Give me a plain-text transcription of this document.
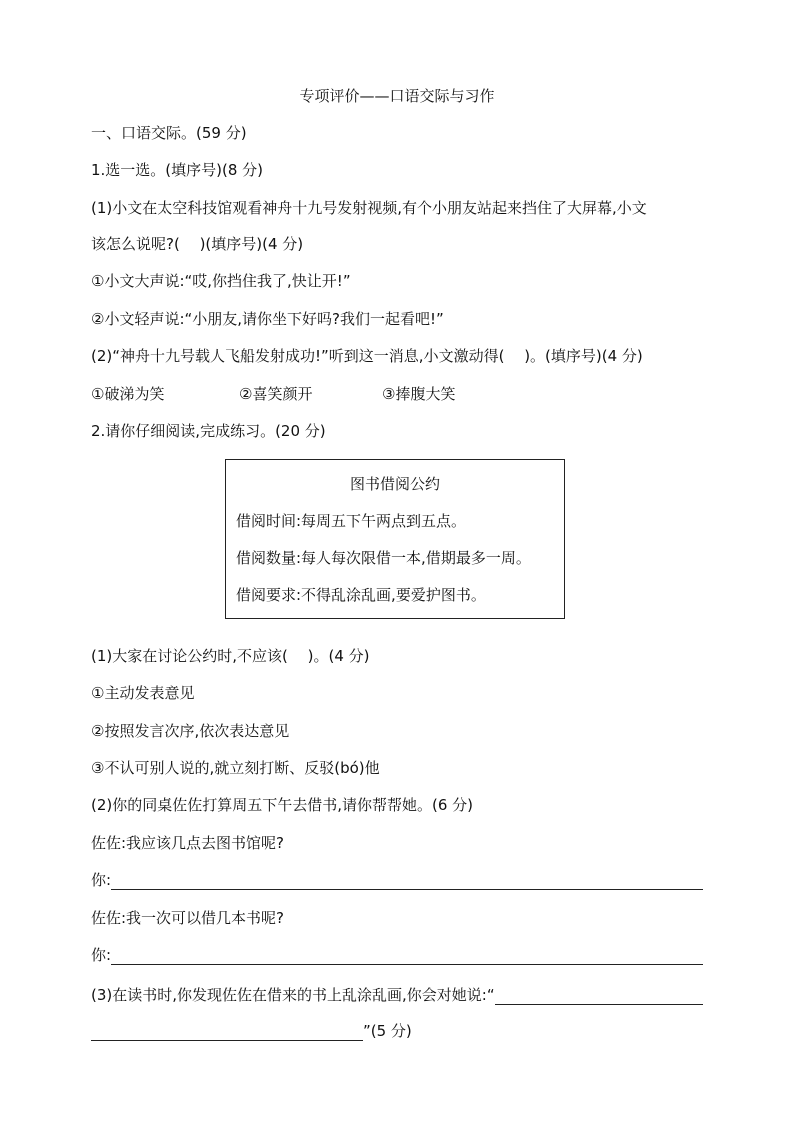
专项评价——口语交际与习作
一、口语交际。(59 分)
1.选一选。(填序号)(8 分)
(1)小文在太空科技馆观看神舟十九号发射视频,有个小朋友站起来挡住了大屏幕,小文
该怎么说呢?(　 )(填序号)(4 分)
①小文大声说:“哎,你挡住我了,快让开!”
②小文轻声说:“小朋友,请你坐下好吗?我们一起看吧!”
(2)“神舟十九号载人飞船发射成功!”听到这一消息,小文激动得(　 )。(填序号)(4 分)
①破涕为笑	②喜笑颜开	③捧腹大笑
2.请你仔细阅读,完成练习。(20 分)
图书借阅公约
借阅时间:每周五下午两点到五点。
借阅数量:每人每次限借一本,借期最多一周。
借阅要求:不得乱涂乱画,要爱护图书。
(1)大家在讨论公约时,不应该(　 )。(4 分)
①主动发表意见
②按照发言次序,依次表达意见
③不认可别人说的,就立刻打断、反驳(bó)他
(2)你的同桌佐佐打算周五下午去借书,请你帮帮她。(6 分)
佐佐:我应该几点去图书馆呢?
你:
佐佐:我一次可以借几本书呢?
你:
(3)在读书时,你发现佐佐在借来的书上乱涂乱画,你会对她说:“
”(5 分)
